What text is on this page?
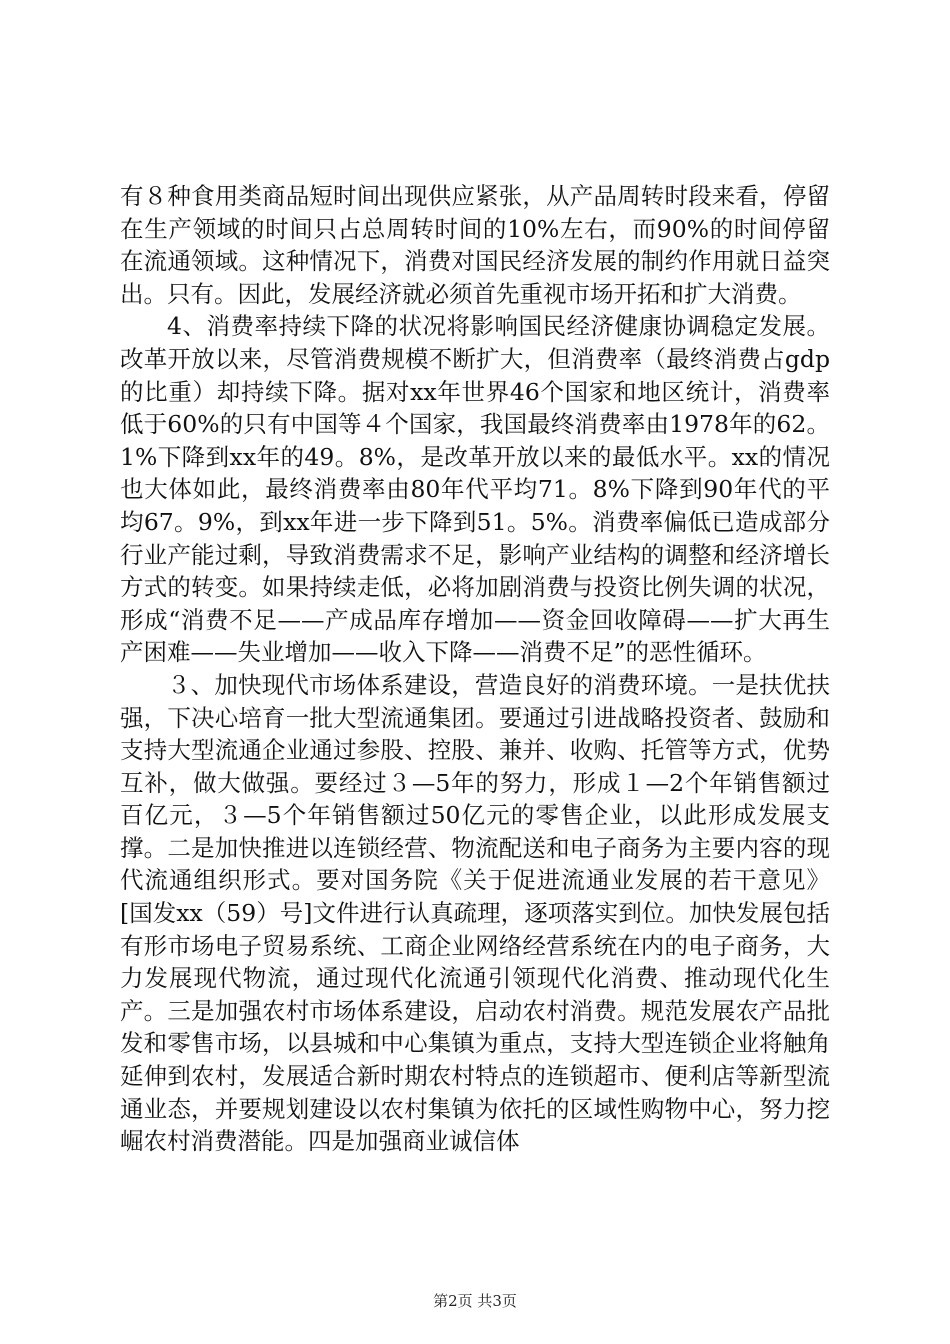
有８种食用类商品短时间出现供应紧张，从产品周转时段来看，停留在生产领域的时间只占总周转时间的10%左右，而90%的时间停留在流通领域。这种情况下，消费对国民经济发展的制约作用就日益突出。只有。因此，发展经济就必须首先重视市场开拓和扩大消费。

4、消费率持续下降的状况将影响国民经济健康协调稳定发展。改革开放以来，尽管消费规模不断扩大，但消费率（最终消费占gdp的比重）却持续下降。据对xx年世界46个国家和地区统计，消费率低于60%的只有中国等４个国家，我国最终消费率由1978年的62。1%下降到xx年的49。8%，是改革开放以来的最低水平。xx的情况也大体如此，最终消费率由80年代平均71。8%下降到90年代的平均67。9%，到xx年进一步下降到51。5%。消费率偏低已造成部分行业产能过剩，导致消费需求不足，影响产业结构的调整和经济增长方式的转变。如果持续走低，必将加剧消费与投资比例失调的状况，形成“消费不足——产成品库存增加——资金回收障碍——扩大再生产困难——失业增加——收入下降——消费不足”的恶性循环。

３、加快现代市场体系建设，营造良好的消费环境。一是扶优扶强，下决心培育一批大型流通集团。要通过引进战略投资者、鼓励和支持大型流通企业通过参股、控股、兼并、收购、托管等方式，优势互补，做大做强。要经过３—5年的努力，形成１—2个年销售额过百亿元，３—5个年销售额过50亿元的零售企业，以此形成发展支撑。二是加快推进以连锁经营、物流配送和电子商务为主要内容的现代流通组织形式。要对国务院《关于促进流通业发展的若干意见》[国发xx（59）号]文件进行认真疏理，逐项落实到位。加快发展包括有形市场电子贸易系统、工商企业网络经营系统在内的电子商务，大力发展现代物流，通过现代化流通引领现代化消费、推动现代化生产。三是加强农村市场体系建设，启动农村消费。规范发展农产品批发和零售市场，以县城和中心集镇为重点，支持大型连锁企业将触角延伸到农村，发展适合新时期农村特点的连锁超市、便利店等新型流通业态，并要规划建设以农村集镇为依托的区域性购物中心，努力挖崛农村消费潜能。四是加强商业诚信体

第2页 共3页
